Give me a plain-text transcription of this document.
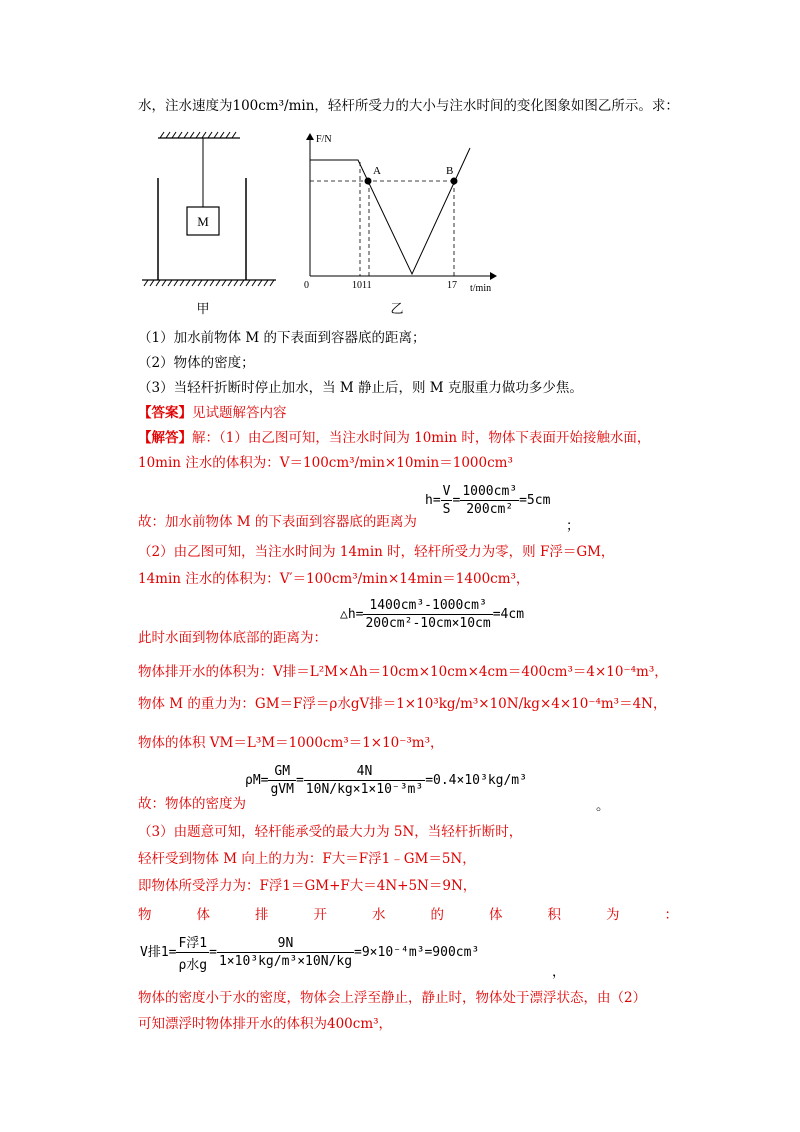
水，注水速度为100cm³/min，轻杆所受力的大小与注水时间的变化图象如图乙所示。求：
M
甲
F/N
t/min
0	10 11	17
A	B
乙
（1）加水前物体 M 的下表面到容器底的距离；
（2）物体的密度；
（3）当轻杆折断时停止加水，当 M 静止后，则 M 克服重力做功多少焦。
【答案】见试题解答内容
【解答】解：（1）由乙图可知，当注水时间为 10min 时，物体下表面开始接触水面，
10min 注水的体积为：V＝100cm³/min×10min＝1000cm³
$h= \frac{V}{S} = \frac{\text{1000cm³}}{\text{200cm²}} =5cm$
故：加水前物体 M 的下表面到容器底的距离为	；
（2）由乙图可知，当注水时间为 14min 时，轻杆所受力为零，则 F浮＝GM，
14min 注水的体积为：V′＝100cm³/min×14min＝1400cm³，
△h= $\frac{\text{1400cm³-1000cm³}}{\text{200cm²-10cm×10cm}} =4cm$
此时水面到物体底部的距离为：
物体排开水的体积为：V排＝L²M×Δh＝10cm×10cm×4cm＝400cm³＝4×10⁻⁴m³，
物体 M 的重力为：GM＝F浮＝ρ水gV排＝1×10³kg/m³×10N/kg×4×10⁻⁴m³＝4N，
物体的体积 VM＝L³M＝1000cm³＝1×10⁻³m³，
$\rho M= \frac{GM}{\text{gVM}} = \frac{4N}{\text{10N/kg×1×10⁻³m³}} =0.4\times 10^3kg/m^3$
故：物体的密度为	。
（3）由题意可知，轻杆能承受的最大力为 5N，当轻杆折断时，
轻杆受到物体 M 向上的力为：F大＝F浮1﹣GM＝5N，
即物体所受浮力为：F浮1＝GM+F大＝4N+5N＝9N，
物	体	排	开	水	的	体	积	为	：
V排$1= \frac{\text{F浮1}}{\text{ρ水g}} = \frac{9N}{\text{1×10³kg/m³×10N/kg}} =9\times 10^{-4}m^3=900cm^3$
，
物体的密度小于水的密度，物体会上浮至静止，静止时，物体处于漂浮状态，由（2）
可知漂浮时物体排开水的体积为400cm³，
